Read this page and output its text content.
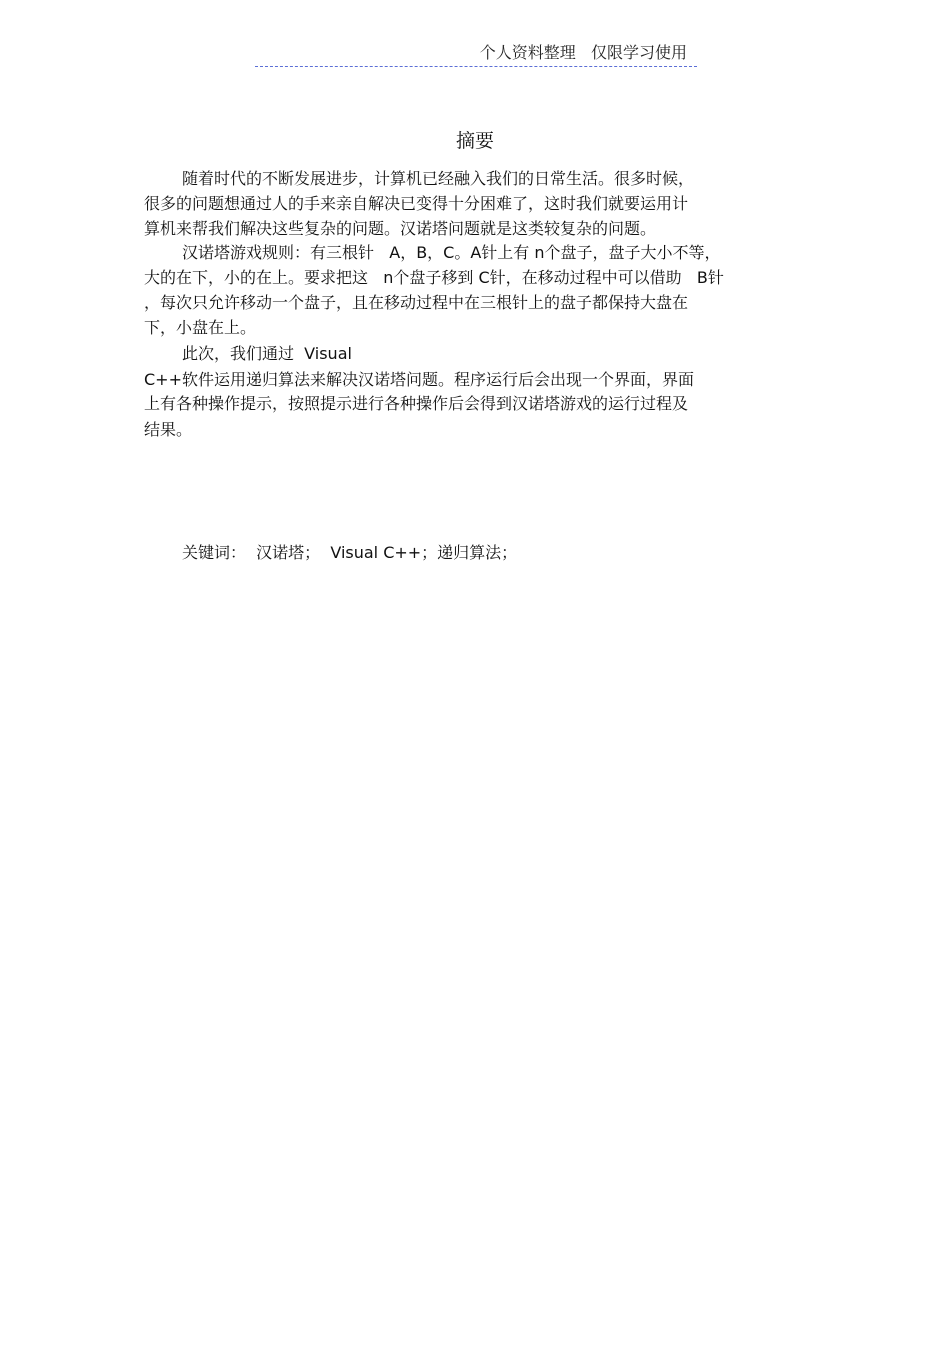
个人资料整理   仅限学习使用
摘要
随着时代的不断发展进步，计算机已经融入我们的日常生活。很多时候，
很多的问题想通过人的手来亲自解决已变得十分困难了，这时我们就要运用计
算机来帮我们解决这些复杂的问题。汉诺塔问题就是这类较复杂的问题。
汉诺塔游戏规则：有三根针   A，B，C。A针上有 n个盘子，盘子大小不等，
大的在下，小的在上。要求把这   n个盘子移到 C针，在移动过程中可以借助   B针
，每次只允许移动一个盘子，且在移动过程中在三根针上的盘子都保持大盘在
下，小盘在上。
此次，我们通过  Visual
C++软件运用递归算法来解决汉诺塔问题。程序运行后会出现一个界面，界面
上有各种操作提示，按照提示进行各种操作后会得到汉诺塔游戏的运行过程及
结果。
关键词：  汉诺塔；  Visual C++；递归算法；
